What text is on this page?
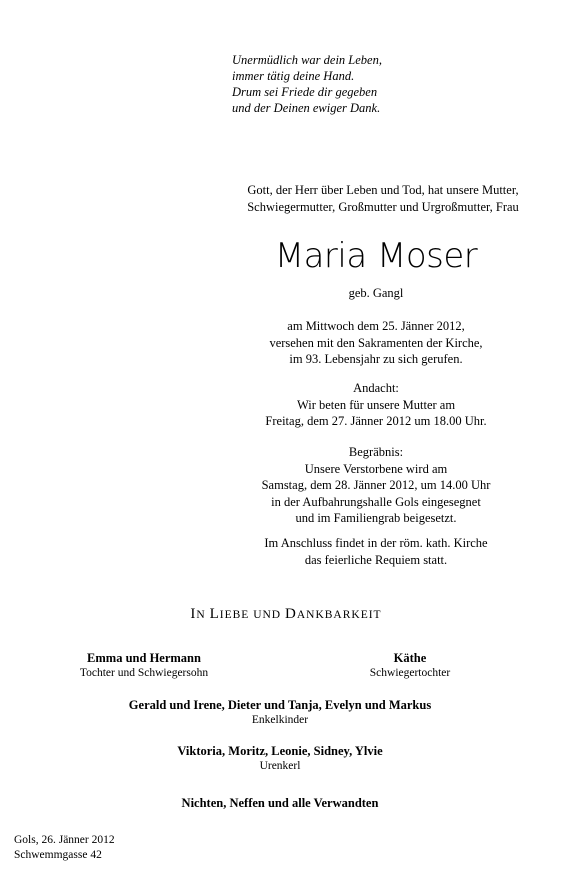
Unermüdlich war dein Leben,
immer tätig deine Hand.
Drum sei Friede dir gegeben
und der Deinen ewiger Dank.
Gott, der Herr über Leben und Tod, hat unsere Mutter,
Schwiegermutter, Großmutter und Urgroßmutter, Frau
Maria Moser
geb. Gangl
am Mittwoch dem 25. Jänner 2012,
versehen mit den Sakramenten der Kirche,
im 93. Lebensjahr zu sich gerufen.
Andacht:
Wir beten für unsere Mutter am
Freitag, dem 27. Jänner 2012 um 18.00 Uhr.
Begräbnis:
Unsere Verstorbene wird am
Samstag, dem 28. Jänner 2012, um 14.00 Uhr
in der Aufbahrungshalle Gols eingesegnet
und im Familiengrab beigesetzt.
Im Anschluss findet in der röm. kath. Kirche
das feierliche Requiem statt.
IN LIEBE UND DANKBARKEIT
Emma und Hermann
Tochter und Schwiegersohn
Käthe
Schwiegertochter
Gerald und Irene, Dieter und Tanja, Evelyn und Markus
Enkelkinder
Viktoria, Moritz, Leonie, Sidney, Ylvie
Urenkerl
Nichten, Neffen und alle Verwandten
Gols, 26. Jänner 2012
Schwemmgasse 42
